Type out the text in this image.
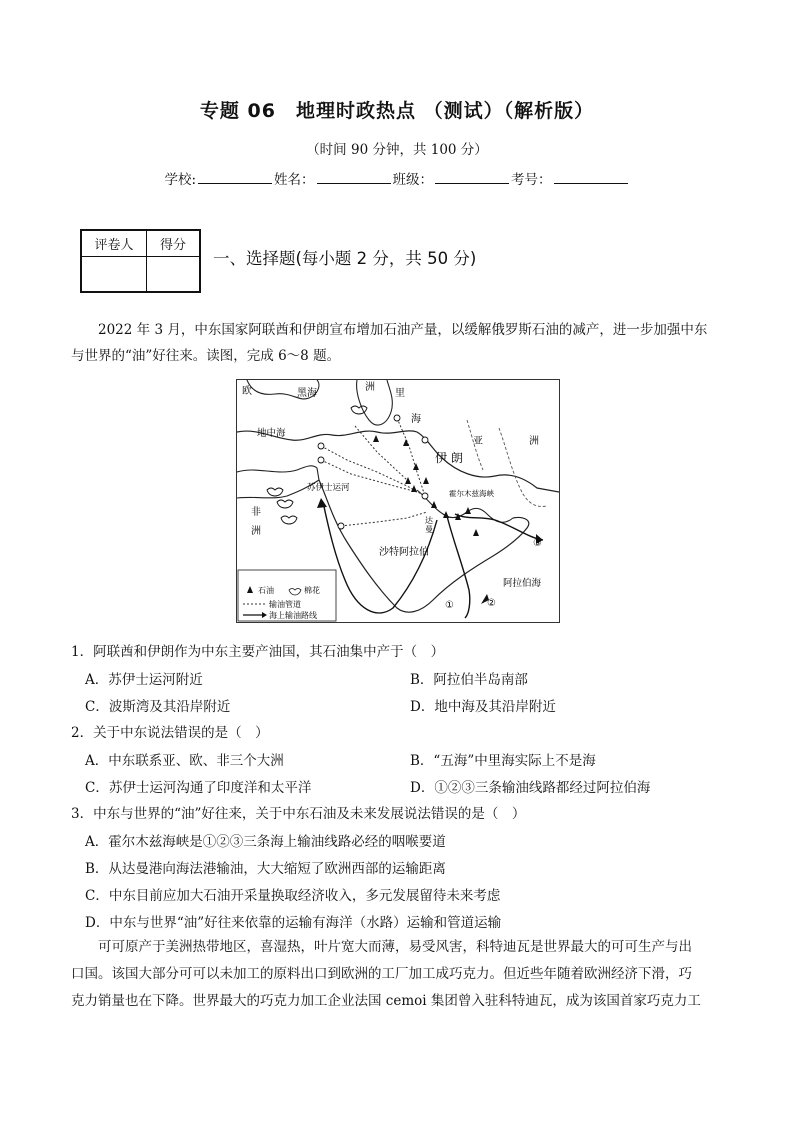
专题 06　地理时政热点 （测试）（解析版）
（时间 90 分钟，共 100 分）
学校:	姓名：	班级：	考号：
评卷人	得分

一、选择题(每小题 2 分，共 50 分)
2022 年 3 月，中东国家阿联酋和伊朗宣布增加石油产量，以缓解俄罗斯石油的减产，进一步加强中东
与世界的“油”好往来。读图，完成 6～8 题。
欧	黑海
洲
里
海
亚	洲
地中海
伊 朗
苏伊士运河
霍尔木兹海峡
非
洲
沙特阿拉伯
阿拉伯海
达
曼
①	②
③
石油	棉花
输油管道
海上输油路线
1．阿联酋和伊朗作为中东主要产油国，其石油集中产于（　）
A．苏伊士运河附近	B．阿拉伯半岛南部
C．波斯湾及其沿岸附近	D．地中海及其沿岸附近
2．关于中东说法错误的是（　）
A．中东联系亚、欧、非三个大洲	B．“五海”中里海实际上不是海
C．苏伊士运河沟通了印度洋和太平洋	D．①②③三条输油线路都经过阿拉伯海
3．中东与世界的“油”好往来，关于中东石油及未来发展说法错误的是（　）
A．霍尔木兹海峡是①②③三条海上输油线路必经的咽喉要道
B．从达曼港向海法港输油，大大缩短了欧洲西部的运输距离
C．中东目前应加大石油开采量换取经济收入，多元发展留待未来考虑
D．中东与世界“油”好往来依靠的运输有海洋（水路）运输和管道运输
可可原产于美洲热带地区，喜湿热，叶片宽大而薄，易受风害，科特迪瓦是世界最大的可可生产与出
口国。该国大部分可可以未加工的原料出口到欧洲的工厂加工成巧克力。但近些年随着欧洲经济下滑，巧
克力销量也在下降。世界最大的巧克力加工企业法国 cemoi 集团曾入驻科特迪瓦，成为该国首家巧克力工
